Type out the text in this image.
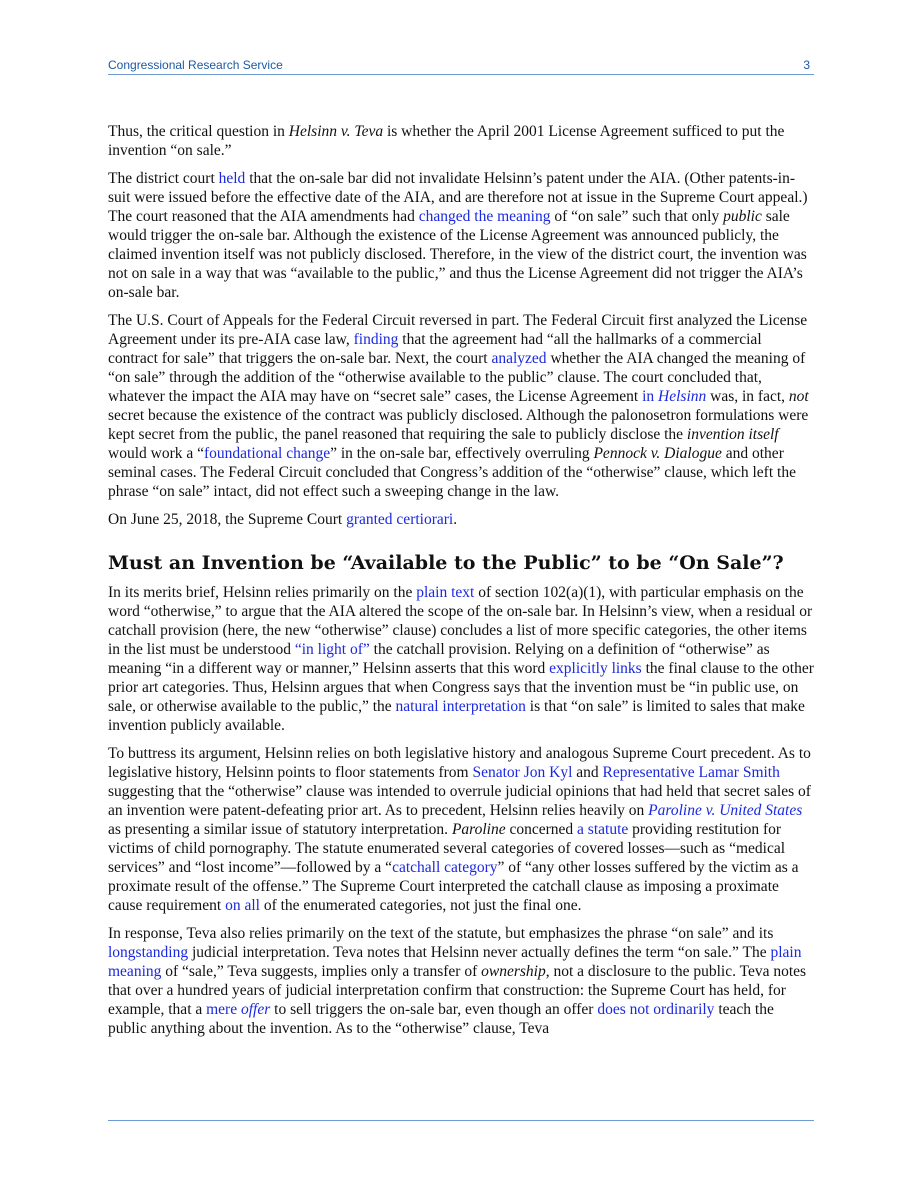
Congressional Research Service	3

Thus, the critical question in Helsinn v. Teva is whether the April 2001 License Agreement sufficed to put the invention “on sale.”

The district court held that the on-sale bar did not invalidate Helsinn’s patent under the AIA. (Other patents-in-suit were issued before the effective date of the AIA, and are therefore not at issue in the Supreme Court appeal.) The court reasoned that the AIA amendments had changed the meaning of “on sale” such that only public sale would trigger the on-sale bar. Although the existence of the License Agreement was announced publicly, the claimed invention itself was not publicly disclosed. Therefore, in the view of the district court, the invention was not on sale in a way that was “available to the public,” and thus the License Agreement did not trigger the AIA’s on-sale bar.

The U.S. Court of Appeals for the Federal Circuit reversed in part. The Federal Circuit first analyzed the License Agreement under its pre-AIA case law, finding that the agreement had “all the hallmarks of a commercial contract for sale” that triggers the on-sale bar. Next, the court analyzed whether the AIA changed the meaning of “on sale” through the addition of the “otherwise available to the public” clause. The court concluded that, whatever the impact the AIA may have on “secret sale” cases, the License Agreement in Helsinn was, in fact, not secret because the existence of the contract was publicly disclosed. Although the palonosetron formulations were kept secret from the public, the panel reasoned that requiring the sale to publicly disclose the invention itself would work a “foundational change” in the on-sale bar, effectively overruling Pennock v. Dialogue and other seminal cases. The Federal Circuit concluded that Congress’s addition of the “otherwise” clause, which left the phrase “on sale” intact, did not effect such a sweeping change in the law.

On June 25, 2018, the Supreme Court granted certiorari.

Must an Invention be “Available to the Public” to be “On Sale”?

In its merits brief, Helsinn relies primarily on the plain text of section 102(a)(1), with particular emphasis on the word “otherwise,” to argue that the AIA altered the scope of the on-sale bar. In Helsinn’s view, when a residual or catchall provision (here, the new “otherwise” clause) concludes a list of more specific categories, the other items in the list must be understood “in light of” the catchall provision. Relying on a definition of “otherwise” as meaning “in a different way or manner,” Helsinn asserts that this word explicitly links the final clause to the other prior art categories. Thus, Helsinn argues that when Congress says that the invention must be “in public use, on sale, or otherwise available to the public,” the natural interpretation is that “on sale” is limited to sales that make invention publicly available.

To buttress its argument, Helsinn relies on both legislative history and analogous Supreme Court precedent. As to legislative history, Helsinn points to floor statements from Senator Jon Kyl and Representative Lamar Smith suggesting that the “otherwise” clause was intended to overrule judicial opinions that had held that secret sales of an invention were patent-defeating prior art. As to precedent, Helsinn relies heavily on Paroline v. United States as presenting a similar issue of statutory interpretation. Paroline concerned a statute providing restitution for victims of child pornography. The statute enumerated several categories of covered losses—such as “medical services” and “lost income”—followed by a “catchall category” of “any other losses suffered by the victim as a proximate result of the offense.” The Supreme Court interpreted the catchall clause as imposing a proximate cause requirement on all of the enumerated categories, not just the final one.

In response, Teva also relies primarily on the text of the statute, but emphasizes the phrase “on sale” and its longstanding judicial interpretation. Teva notes that Helsinn never actually defines the term “on sale.” The plain meaning of “sale,” Teva suggests, implies only a transfer of ownership, not a disclosure to the public. Teva notes that over a hundred years of judicial interpretation confirm that construction: the Supreme Court has held, for example, that a mere offer to sell triggers the on-sale bar, even though an offer does not ordinarily teach the public anything about the invention. As to the “otherwise” clause, Teva
